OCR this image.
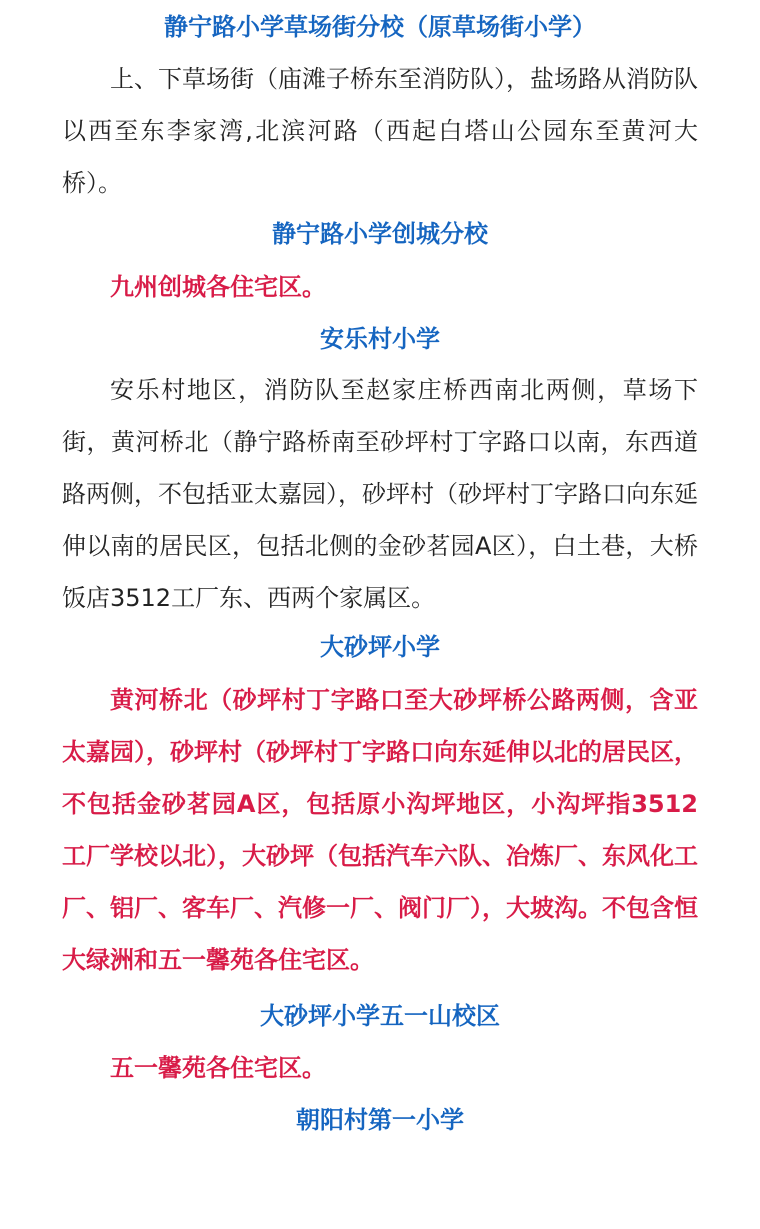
静宁路小学草场街分校（原草场街小学）

上、下草场街（庙滩子桥东至消防队），盐场路从消防队以西至东李家湾,北滨河路（西起白塔山公园东至黄河大桥）。

静宁路小学创城分校

九州创城各住宅区。

安乐村小学

安乐村地区，消防队至赵家庄桥西南北两侧，草场下街，黄河桥北（静宁路桥南至砂坪村丁字路口以南，东西道路两侧，不包括亚太嘉园），砂坪村（砂坪村丁字路口向东延伸以南的居民区，包括北侧的金砂茗园A区），白土巷，大桥饭店3512工厂东、西两个家属区。

大砂坪小学

黄河桥北（砂坪村丁字路口至大砂坪桥公路两侧，含亚太嘉园），砂坪村（砂坪村丁字路口向东延伸以北的居民区，不包括金砂茗园A区，包括原小沟坪地区，小沟坪指3512工厂学校以北），大砂坪（包括汽车六队、冶炼厂、东风化工厂、铝厂、客车厂、汽修一厂、阀门厂），大坡沟。不包含恒大绿洲和五一馨苑各住宅区。

大砂坪小学五一山校区

五一馨苑各住宅区。

朝阳村第一小学
